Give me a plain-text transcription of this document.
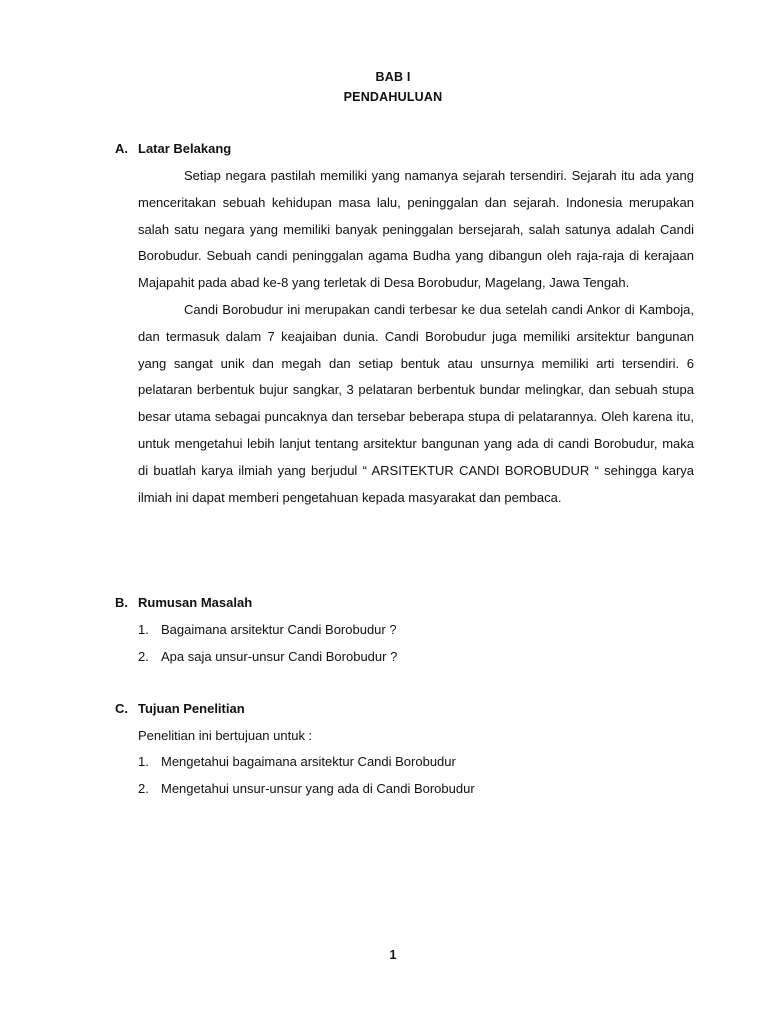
BAB I
PENDAHULUAN
A. Latar Belakang

Setiap negara pastilah memiliki yang namanya sejarah tersendiri. Sejarah itu ada yang menceritakan sebuah kehidupan masa lalu, peninggalan dan sejarah. Indonesia merupakan salah satu negara yang memiliki banyak peninggalan bersejarah, salah satunya adalah Candi Borobudur. Sebuah candi peninggalan agama Budha yang dibangun oleh raja-raja di kerajaan Majapahit pada abad ke-8 yang terletak di Desa Borobudur, Magelang, Jawa Tengah.

Candi Borobudur ini merupakan candi terbesar ke dua setelah candi Ankor di Kamboja, dan termasuk dalam 7 keajaiban dunia. Candi Borobudur juga memiliki arsitektur bangunan yang sangat unik dan megah dan setiap bentuk atau unsurnya memiliki arti tersendiri. 6 pelataran berbentuk bujur sangkar, 3 pelataran berbentuk bundar melingkar, dan sebuah stupa besar utama sebagai puncaknya dan tersebar beberapa stupa di pelatarannya. Oleh karena itu, untuk mengetahui lebih lanjut tentang arsitektur bangunan yang ada di candi Borobudur, maka di buatlah karya ilmiah yang berjudul “ ARSITEKTUR CANDI BOROBUDUR “ sehingga karya ilmiah ini dapat memberi pengetahuan kepada masyarakat dan pembaca.

B. Rumusan Masalah
1. Bagaimana arsitektur Candi Borobudur ?
2. Apa saja unsur-unsur Candi Borobudur ?
C. Tujuan Penelitian
Penelitian ini bertujuan untuk :
1. Mengetahui bagaimana arsitektur Candi Borobudur
2. Mengetahui unsur-unsur yang ada di Candi Borobudur
1
